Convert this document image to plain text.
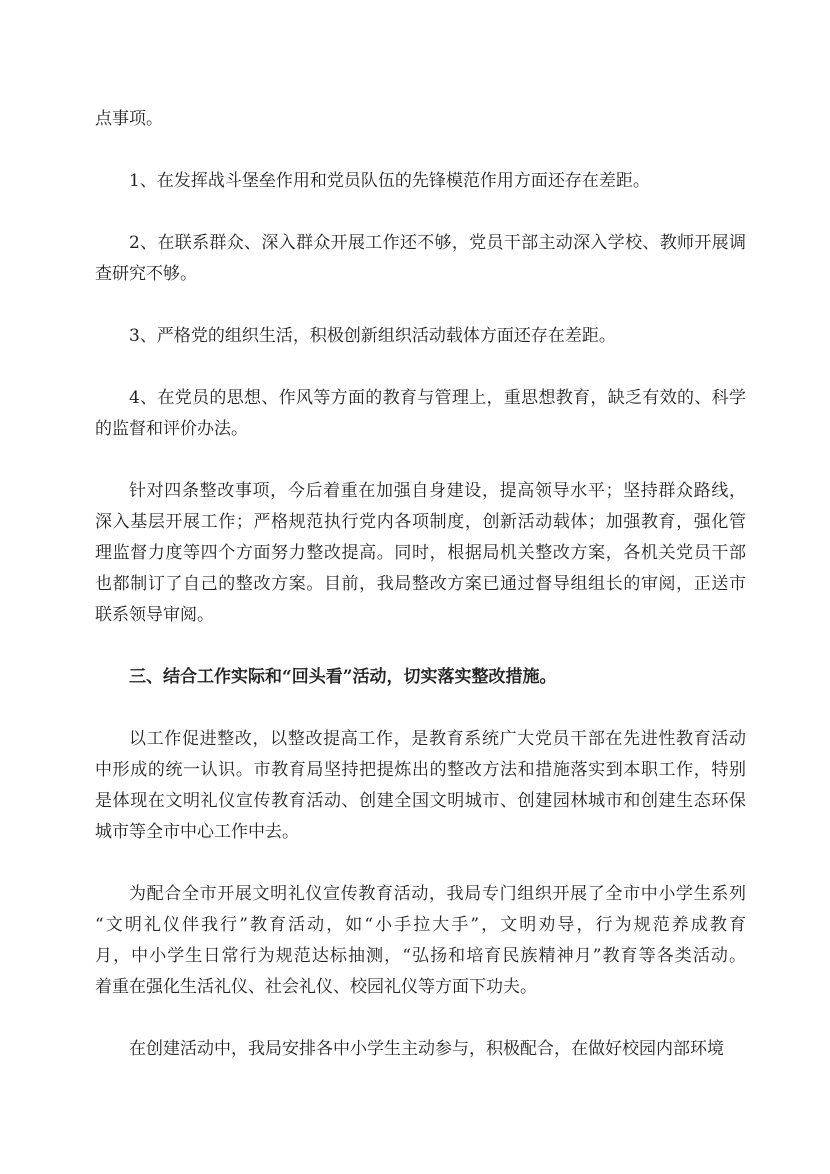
点事项。
1、在发挥战斗堡垒作用和党员队伍的先锋模范作用方面还存在差距。
2、在联系群众、深入群众开展工作还不够，党员干部主动深入学校、教师开展调
查研究不够。
3、严格党的组织生活，积极创新组织活动载体方面还存在差距。
4、在党员的思想、作风等方面的教育与管理上，重思想教育，缺乏有效的、科学
的监督和评价办法。
针对四条整改事项，今后着重在加强自身建设，提高领导水平；坚持群众路线，
深入基层开展工作；严格规范执行党内各项制度，创新活动载体；加强教育，强化管
理监督力度等四个方面努力整改提高。同时，根据局机关整改方案，各机关党员干部
也都制订了自己的整改方案。目前，我局整改方案已通过督导组组长的审阅，正送市
联系领导审阅。
三、结合工作实际和“回头看”活动，切实落实整改措施。
以工作促进整改，以整改提高工作，是教育系统广大党员干部在先进性教育活动
中形成的统一认识。市教育局坚持把提炼出的整改方法和措施落实到本职工作，特别
是体现在文明礼仪宣传教育活动、创建全国文明城市、创建园林城市和创建生态环保
城市等全市中心工作中去。
为配合全市开展文明礼仪宣传教育活动，我局专门组织开展了全市中小学生系列
“文明礼仪伴我行”教育活动，如“小手拉大手”，文明劝导，行为规范养成教育
月，中小学生日常行为规范达标抽测，“弘扬和培育民族精神月”教育等各类活动。
着重在强化生活礼仪、社会礼仪、校园礼仪等方面下功夫。
在创建活动中，我局安排各中小学生主动参与，积极配合，在做好校园内部环境
